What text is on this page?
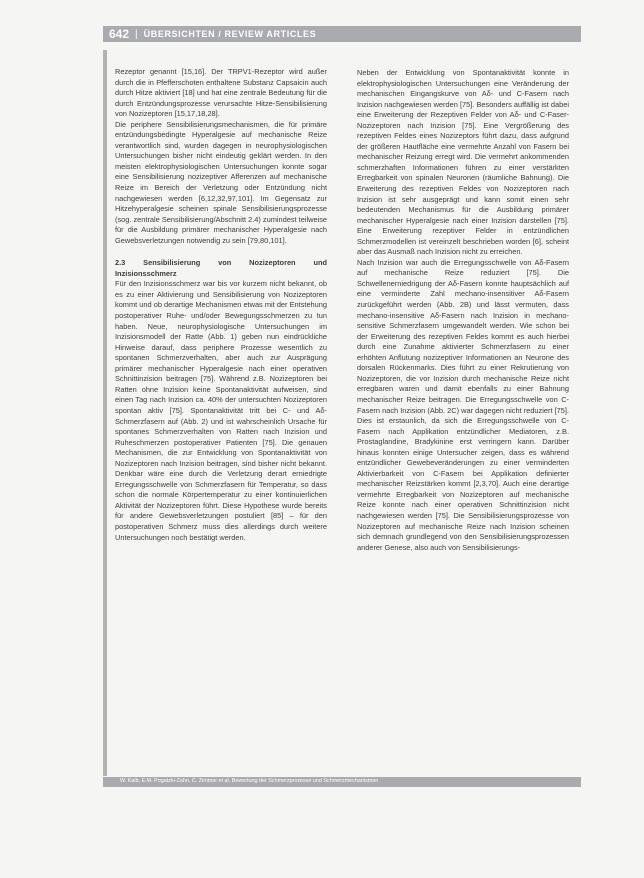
642 | ÜBERSICHTEN / REVIEW ARTICLES

Rezeptor genannt [15,16]. Der TRPV1-Rezeptor wird außer durch die in Pfefferschoten enthaltene Substanz Capsaicin auch durch Hitze aktiviert [18] und hat eine zentrale Bedeutung für die durch Entzündungsprozesse verursachte Hitze-Sensibilisierung von Nozizeptoren [15,17,18,28].

Die periphere Sensibilisierungsmechanismen, die für primäre entzündungsbedingte Hyperalgesie auf mechanische Reize verantwortlich sind, wurden dagegen in neurophysiologischen Untersuchungen bisher nicht eindeutig geklärt werden. In den meisten elektrophysiologischen Untersuchungen konnte sogar eine Sensibilisierung nozizeptiver Afferenzen auf mechanische Reize im Bereich der Verletzung oder Entzündung nicht nachgewiesen werden [6,12,32,97,101]. Im Gegensatz zur Hitzehyperalgesie scheinen spinale Sensibilisierungsprozesse (sog. zentrale Sensibilisierung/Abschnitt 2.4) zumindest teilweise für die Ausbildung primärer mechanischer Hyperalgesie nach Gewebsverletzungen notwendig zu sein [79,80,101].

2.3 Sensibilisierung von Nozizeptoren und Inzisionsschmerz

Für den Inzisionsschmerz war bis vor kurzem nicht bekannt, ob es zu einer Aktivierung und Sensibilisierung von Nozizeptoren kommt und ob derartige Mechanismen etwas mit der Entstehung postoperativer Ruhe- und/oder Bewegungsschmerzen zu tun haben. Neue, neurophysiologische Untersuchungen im Inzisionsmodell der Ratte (Abb. 1) geben nun eindrückliche Hinweise darauf, dass periphere Prozesse wesentlich zu spontanen Schmerzverhalten, aber auch zur Ausprägung primärer mechanischer Hyperalgesie nach einer operativen Schnittinzision beitragen [75]. Während z.B. Nozizeptoren bei Ratten ohne Inzision keine Spontanaktivität aufweisen, sind einen Tag nach Inzision ca. 40% der untersuchten Nozizeptoren spontan aktiv [75]. Spontanaktivität tritt bei C- und Aδ-Schmerzfasern auf (Abb. 2) und ist wahrscheinlich Ursache für spontanes Schmerzverhalten von Ratten nach Inzision und Ruheschmerzen postoperativer Patienten [75]. Die genauen Mechanismen, die zur Entwicklung von Spontanaktivität von Nozizeptoren nach Inzision beitragen, sind bisher nicht bekannt. Denkbar wäre eine durch die Verletzung derart erniedrigte Erregungsschwelle von Schmerzfasern für Temperatur, so dass schon die normale Körpertemperatur zu einer kontinuierlichen Aktivität der Nozizeptoren führt. Diese Hypothese wurde bereits für andere Gewebsverletzungen postuliert [85] – für den postoperativen Schmerz muss dies allerdings durch weitere Untersuchungen noch bestätigt werden.

Neben der Entwicklung von Spontanaktivität konnte in elektrophysiologischen Untersuchungen eine Veränderung der mechanischen Eingangskurve von Aδ- und C-Fasern nach Inzision nachgewiesen werden [75]. Besonders auffällig ist dabei eine Erweiterung der Rezeptiven Felder von Aδ- und C-Faser-Nozizeptoren nach Inzision [75]. Eine Vergrößerung des rezeptiven Feldes eines Nozizeptors führt dazu, dass aufgrund der größeren Hautfläche eine vermehrte Anzahl von Fasern bei mechanischer Reizung erregt wird. Die vermehrt ankommenden schmerzhaften Informationen führen zu einer verstärkten Erregbarkeit von spinalen Neuronen (räumliche Bahnung). Die Erweiterung des rezeptiven Feldes von Nozizeptoren nach Inzision ist sehr ausgeprägt und kann somit einen sehr bedeutenden Mechanismus für die Ausbildung primärer mechanischer Hyperalgesie nach einer Inzision darstellen [75]. Eine Erweiterung rezeptiver Felder in entzündlichen Schmerzmodellen ist vereinzelt beschrieben worden [6], scheint aber das Ausmaß nach Inzision nicht zu erreichen.

Nach Inzision war auch die Erregungsschwelle von Aδ-Fasern auf mechanische Reize reduziert [75]. Die Schwellenerniedrigung der Aδ-Fasern konnte hauptsächlich auf eine verminderte Zahl mechano-insensitiver Aδ-Fasern zurückgeführt werden (Abb. 2B) und lässt vermuten, dass mechano-insensitive Aδ-Fasern nach Inzision in mechano-sensitive Schmerzfasern umgewandelt werden. Wie schon bei der Erweiterung des rezeptiven Feldes kommt es auch hierbei durch eine Zunahme aktivierter Schmerzfasern zu einer erhöhten Anflutung nozizeptiver Informationen an Neurone des dorsalen Rückenmarks. Dies führt zu einer Rekrutierung von Nozizeptoren, die vor Inzision durch mechanische Reize nicht erregbaren waren und damit ebenfalls zu einer Bahnung mechanischer Reize beitragen. Die Erregungsschwelle von C-Fasern nach Inzision (Abb. 2C) war dagegen nicht reduziert [75]. Dies ist erstaunlich, da sich die Erregungsschwelle von C-Fasern nach Applikation entzündlicher Mediatoren, z.B. Prostaglandine, Bradykinine erst verringern kann. Darüber hinaus konnten einige Untersucher zeigen, dass es während entzündlicher Gewebeveränderungen zu einer verminderten Aktivierbarkeit von C-Fasern bei Applikation definierter mechanischer Reizstärken kommt [2,3,70]. Auch eine derartige vermehrte Erregbarkeit von Nozizeptoren auf mechanische Reize konnte nach einer operativen Schnittinzision nicht nachgewiesen werden [75]. Die Sensibilisierungsprozesse von Nozizeptoren auf mechanische Reize nach Inzision scheinen sich demnach grundlegend von den Sensibilisierungsprozessen anderer Genese, also auch von Sensibilisierungs-

W. Kalb, E.M. Pogatzki-Zahn, C. Zimmer et al. Bewertung der Schmerzprozesse und Schmerzmechanismen
